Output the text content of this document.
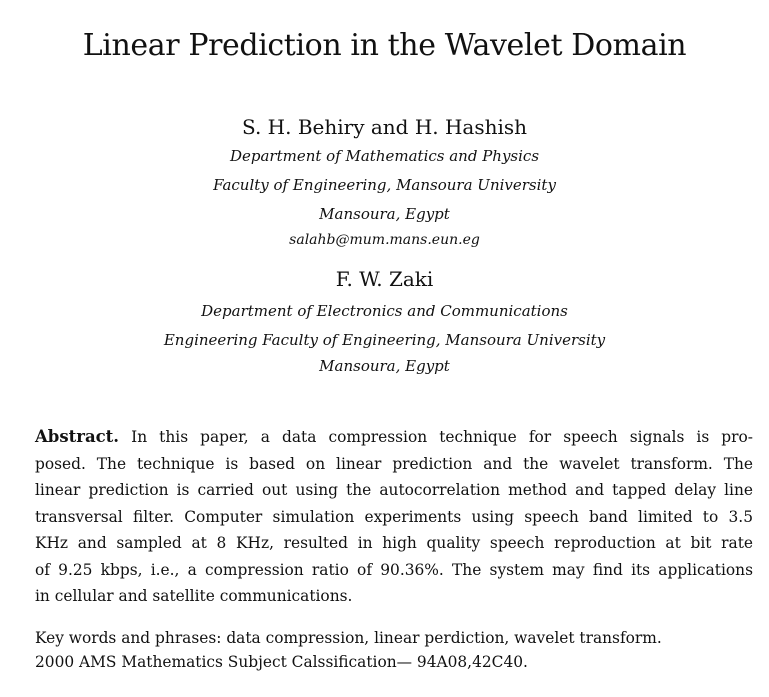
Linear Prediction in the Wavelet Domain
S. H. Behiry and H. Hashish
Department of Mathematics and Physics
Faculty of Engineering, Mansoura University
Mansoura, Egypt
salahb@mum.mans.eun.eg
F. W. Zaki
Department of Electronics and Communications
Engineering Faculty of Engineering, Mansoura University
Mansoura, Egypt
Abstract. In this paper, a data compression technique for speech signals is pro-
posed. The technique is based on linear prediction and the wavelet transform. The
linear prediction is carried out using the autocorrelation method and tapped delay line
transversal filter. Computer simulation experiments using speech band limited to 3.5
KHz and sampled at 8 KHz, resulted in high quality speech reproduction at bit rate
of 9.25 kbps, i.e., a compression ratio of 90.36%. The system may find its applications
in cellular and satellite communications.
Key words and phrases: data compression, linear perdiction, wavelet transform.
2000 AMS Mathematics Subject Calssification— 94A08,42C40.
